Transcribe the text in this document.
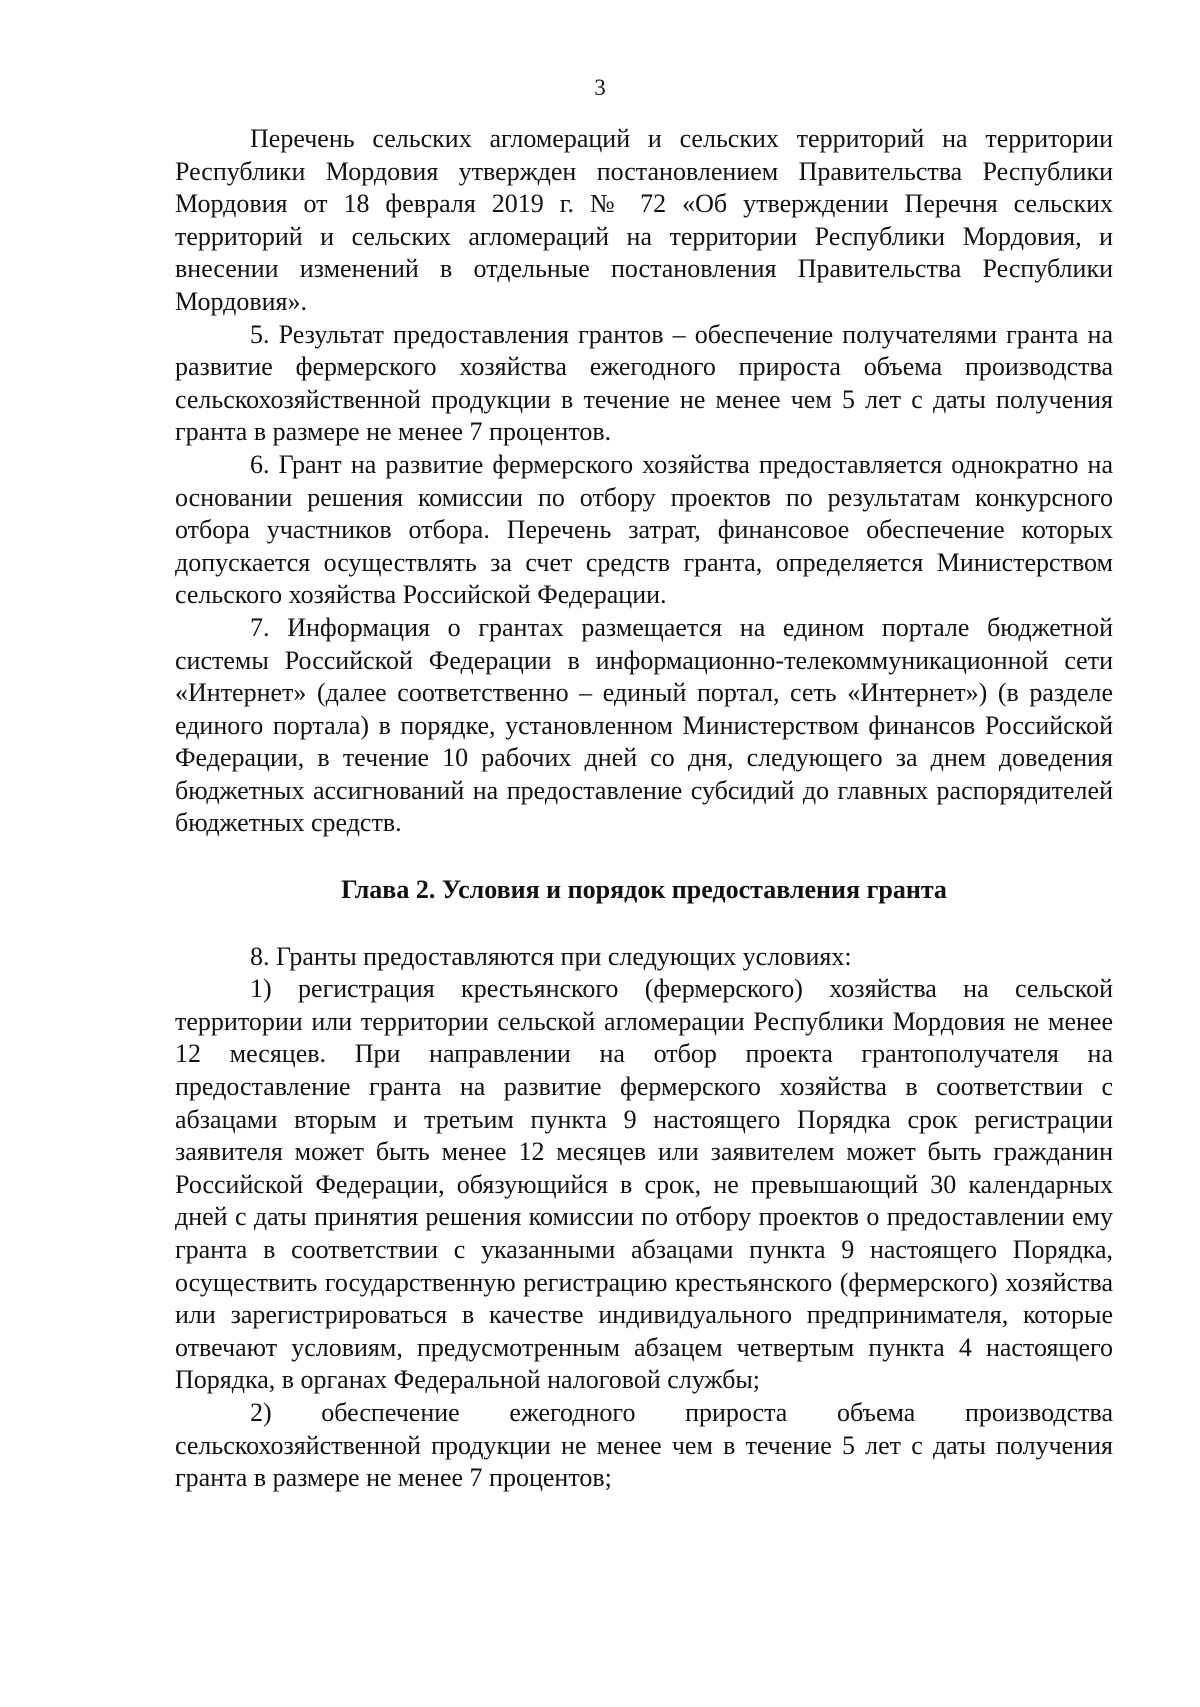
3

Перечень сельских агломераций и сельских территорий на территории Республики Мордовия утвержден постановлением Правительства Республики Мордовия от 18 февраля 2019 г. № 72 «Об утверждении Перечня сельских территорий и сельских агломераций на территории Республики Мордовия, и внесении изменений в отдельные постановления Правительства Республики Мордовия».

5. Результат предоставления грантов – обеспечение получателями гранта на развитие фермерского хозяйства ежегодного прироста объема производства сельскохозяйственной продукции в течение не менее чем 5 лет с даты получения гранта в размере не менее 7 процентов.

6. Грант на развитие фермерского хозяйства предоставляется однократно на основании решения комиссии по отбору проектов по результатам конкурсного отбора участников отбора. Перечень затрат, финансовое обеспечение которых допускается осуществлять за счет средств гранта, определяется Министерством сельского хозяйства Российской Федерации.

7. Информация о грантах размещается на едином портале бюджетной системы Российской Федерации в информационно-телекоммуникационной сети «Интернет» (далее соответственно – единый портал, сеть «Интернет») (в разделе единого портала) в порядке, установленном Министерством финансов Российской Федерации, в течение 10 рабочих дней со дня, следующего за днем доведения бюджетных ассигнований на предоставление субсидий до главных распорядителей бюджетных средств.

Глава 2. Условия и порядок предоставления гранта

8. Гранты предоставляются при следующих условиях:

1) регистрация крестьянского (фермерского) хозяйства на сельской территории или территории сельской агломерации Республики Мордовия не менее 12 месяцев. При направлении на отбор проекта грантополучателя на предоставление гранта на развитие фермерского хозяйства в соответствии с абзацами вторым и третьим пункта 9 настоящего Порядка срок регистрации заявителя может быть менее 12 месяцев или заявителем может быть гражданин Российской Федерации, обязующийся в срок, не превышающий 30 календарных дней с даты принятия решения комиссии по отбору проектов о предоставлении ему гранта в соответствии с указанными абзацами пункта 9 настоящего Порядка, осуществить государственную регистрацию крестьянского (фермерского) хозяйства или зарегистрироваться в качестве индивидуального предпринимателя, которые отвечают условиям, предусмотренным абзацем четвертым пункта 4 настоящего Порядка, в органах Федеральной налоговой службы;

2) обеспечение ежегодного прироста объема производства сельскохозяйственной продукции не менее чем в течение 5 лет с даты получения гранта в размере не менее 7 процентов;
